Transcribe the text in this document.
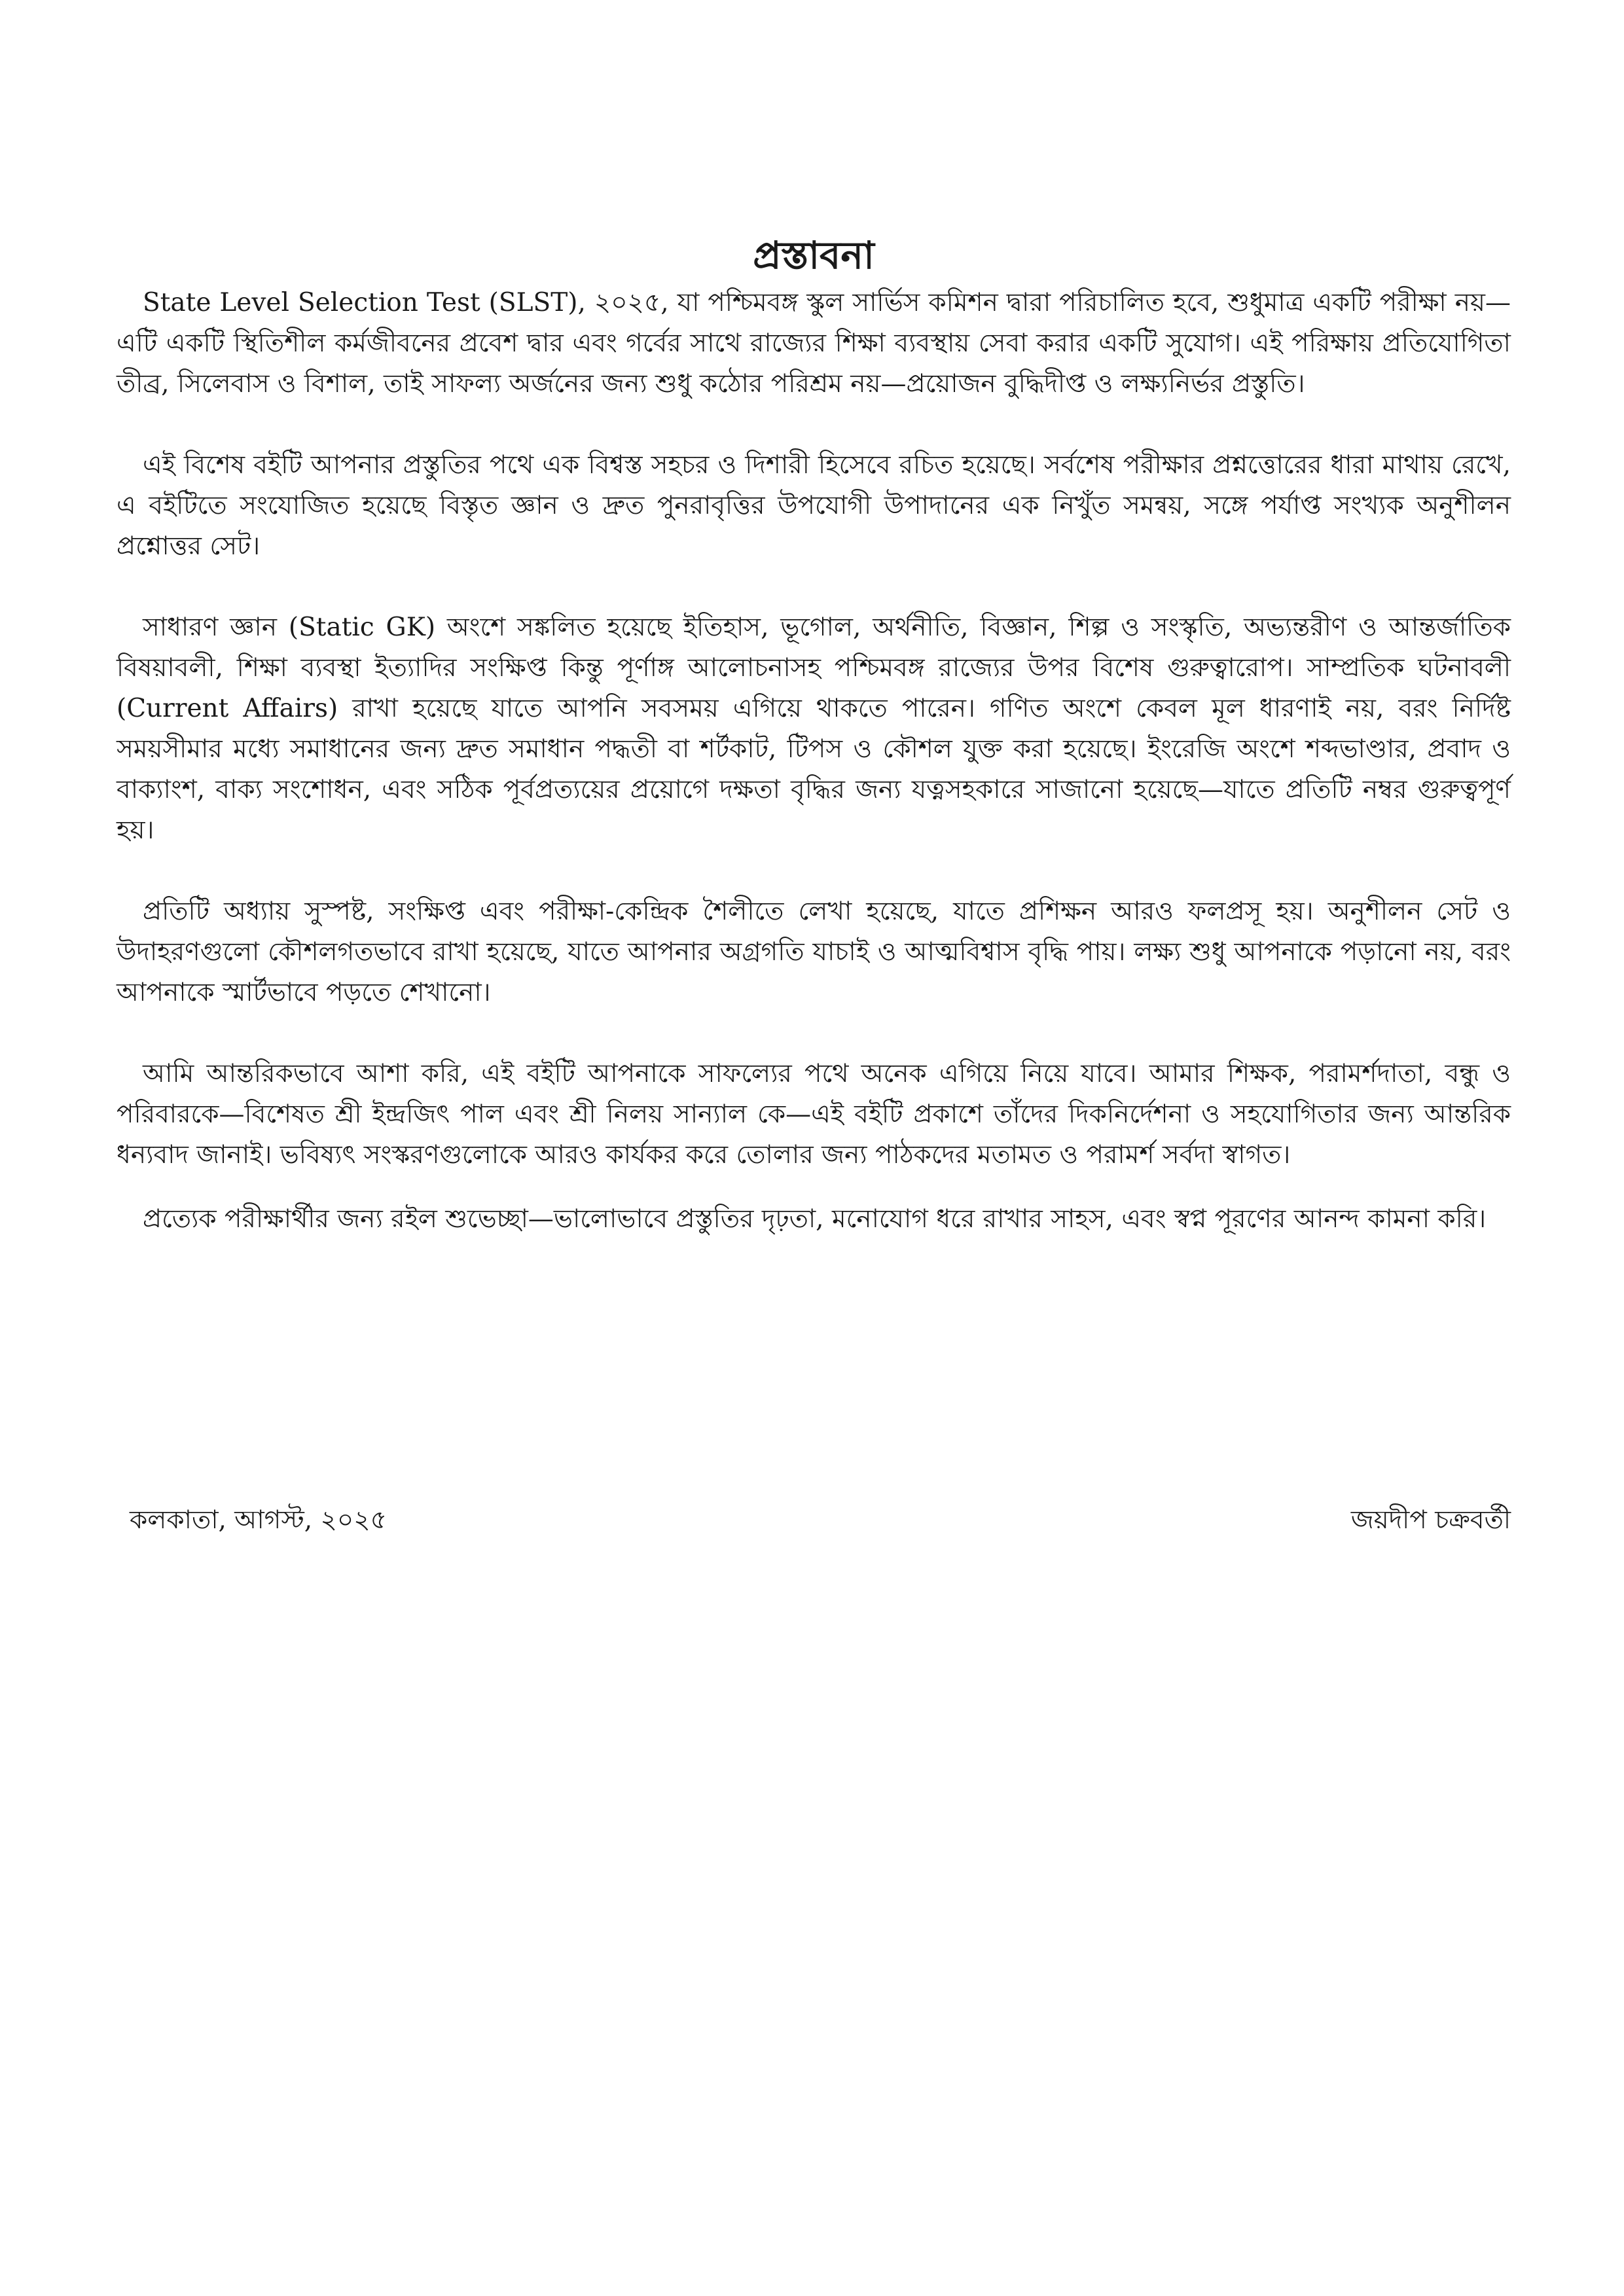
প্রস্তাবনা

State Level Selection Test (SLST), ২০২৫, যা পশ্চিমবঙ্গ স্কুল সার্ভিস কমিশন দ্বারা পরিচালিত হবে, শুধুমাত্র একটি পরীক্ষা নয়—এটি একটি স্থিতিশীল কর্মজীবনের প্রবেশ দ্বার এবং গর্বের সাথে রাজ্যের শিক্ষা ব্যবস্থায় সেবা করার একটি সুযোগ। এই পরিক্ষায় প্রতিযোগিতা তীব্র, সিলেবাস ও বিশাল, তাই সাফল্য অর্জনের জন্য শুধু কঠোর পরিশ্রম নয়—প্রয়োজন বুদ্ধিদীপ্ত ও লক্ষ্যনির্ভর প্রস্তুতি।

এই বিশেষ বইটি আপনার প্রস্তুতির পথে এক বিশ্বস্ত সহচর ও দিশারী হিসেবে রচিত হয়েছে। সর্বশেষ পরীক্ষার প্রশ্নত্তোরের ধারা মাথায় রেখে, এ বইটিতে সংযোজিত হয়েছে বিস্তৃত জ্ঞান ও দ্রুত পুনরাবৃত্তির উপযোগী উপাদানের এক নিখুঁত সমন্বয়, সঙ্গে পর্যাপ্ত সংখ্যক অনুশীলন প্রশ্নোত্তর সেট।

সাধারণ জ্ঞান (Static GK) অংশে সঙ্কলিত হয়েছে ইতিহাস, ভূগোল, অর্থনীতি, বিজ্ঞান, শিল্প ও সংস্কৃতি, অভ্যন্তরীণ ও আন্তর্জাতিক বিষয়াবলী, শিক্ষা ব্যবস্থা ইত্যাদির সংক্ষিপ্ত কিন্তু পূর্ণাঙ্গ আলোচনাসহ পশ্চিমবঙ্গ রাজ্যের উপর বিশেষ গুরুত্বারোপ। সাম্প্রতিক ঘটনাবলী (Current Affairs) রাখা হয়েছে যাতে আপনি সবসময় এগিয়ে থাকতে পারেন। গণিত অংশে কেবল মূল ধারণাই নয়, বরং নির্দিষ্ট সময়সীমার মধ্যে সমাধানের জন্য দ্রুত সমাধান পদ্ধতী বা শর্টকাট, টিপস ও কৌশল যুক্ত করা হয়েছে। ইংরেজি অংশে শব্দভাণ্ডার, প্রবাদ ও বাক্যাংশ, বাক্য সংশোধন, এবং সঠিক পূর্বপ্রত্যয়ের প্রয়োগে দক্ষতা বৃদ্ধির জন্য যত্নসহকারে সাজানো হয়েছে—যাতে প্রতিটি নম্বর গুরুত্বপূর্ণ হয়।

প্রতিটি অধ্যায় সুস্পষ্ট, সংক্ষিপ্ত এবং পরীক্ষা-কেন্দ্রিক শৈলীতে লেখা হয়েছে, যাতে প্রশিক্ষন আরও ফলপ্রসূ হয়। অনুশীলন সেট ও উদাহরণগুলো কৌশলগতভাবে রাখা হয়েছে, যাতে আপনার অগ্রগতি যাচাই ও আত্মবিশ্বাস বৃদ্ধি পায়। লক্ষ্য শুধু আপনাকে পড়ানো নয়, বরং আপনাকে স্মার্টভাবে পড়তে শেখানো।

আমি আন্তরিকভাবে আশা করি, এই বইটি আপনাকে সাফল্যের পথে অনেক এগিয়ে নিয়ে যাবে। আমার শিক্ষক, পরামর্শদাতা, বন্ধু ও পরিবারকে—বিশেষত শ্রী ইন্দ্রজিৎ পাল এবং শ্রী নিলয় সান্যাল কে—এই বইটি প্রকাশে তাঁদের দিকনির্দেশনা ও সহযোগিতার জন্য আন্তরিক ধন্যবাদ জানাই। ভবিষ্যৎ সংস্করণগুলোকে আরও কার্যকর করে তোলার জন্য পাঠকদের মতামত ও পরামর্শ সর্বদা স্বাগত।

প্রত্যেক পরীক্ষার্থীর জন্য রইল শুভেচ্ছা—ভালোভাবে প্রস্তুতির দৃঢ়তা, মনোযোগ ধরে রাখার সাহস, এবং স্বপ্ন পূরণের আনন্দ কামনা করি।

কলকাতা, আগস্ট, ২০২৫	জয়দীপ চক্রবর্তী
